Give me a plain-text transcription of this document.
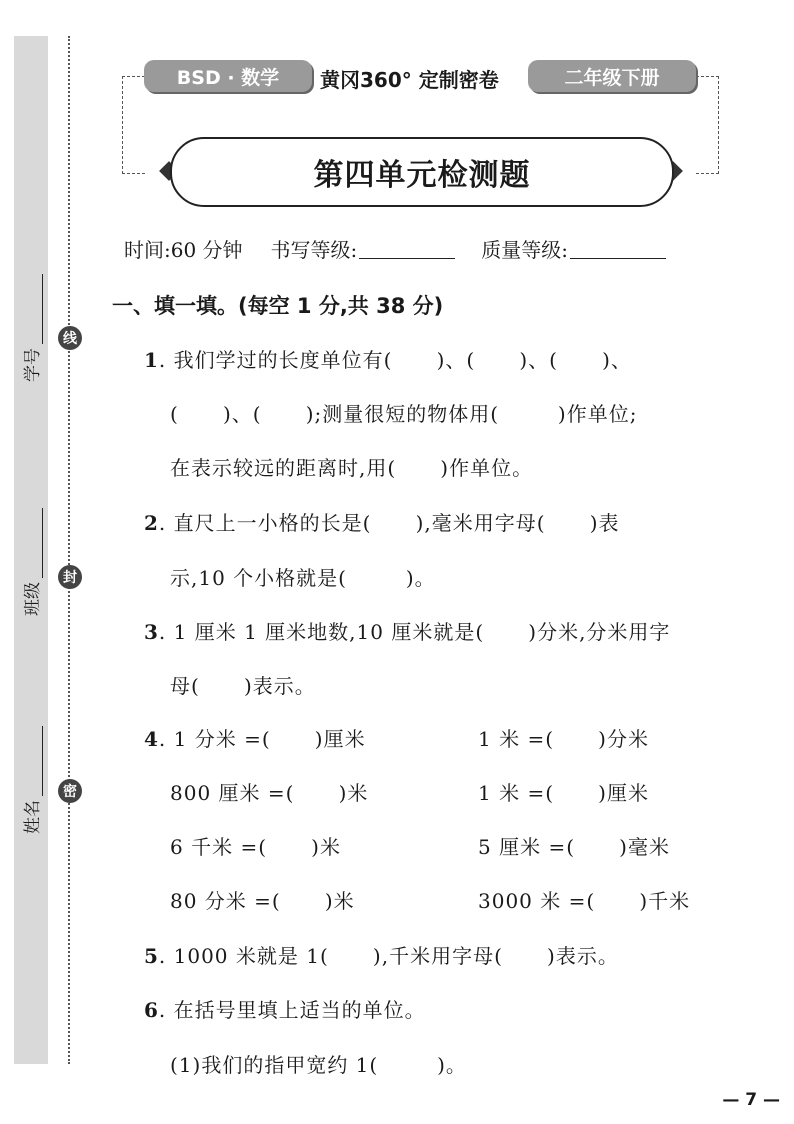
线
封
密
学号
班级
姓名
BSD · 数学	黄冈360° 定制密卷	二年级下册
第四单元检测题
时间:60 分钟 书写等级:	质量等级:
一、填一填。(每空 1 分,共 38 分)
1. 我们学过的长度单位有(      )、(      )、(      )、
(      )、(      );测量很短的物体用(        )作单位;
在表示较远的距离时,用(      )作单位。
2. 直尺上一小格的长是(      ),毫米用字母(      )表
示,10 个小格就是(        )。
3. 1 厘米 1 厘米地数,10 厘米就是(      )分米,分米用字
母(      )表示。
4. 1 分米 =(      )厘米	1 米 =(      )分米
800 厘米 =(      )米	1 米 =(      )厘米
6 千米 =(      )米	5 厘米 =(      )毫米
80 分米 =(      )米	3000 米 =(      )千米
5. 1000 米就是 1(      ),千米用字母(      )表示。
6. 在括号里填上适当的单位。
(1)我们的指甲宽约 1(        )。
— 7 —
